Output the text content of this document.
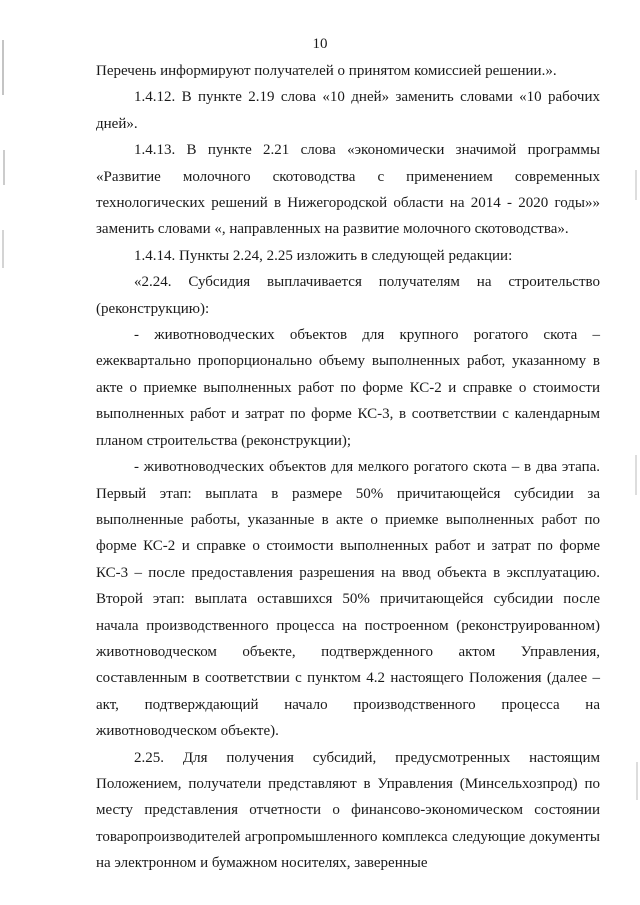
10

Перечень информируют получателей о принятом комиссией решении.».

1.4.12. В пункте 2.19 слова «10 дней» заменить словами «10 рабочих дней».

1.4.13. В пункте 2.21 слова «экономически значимой программы «Развитие молочного скотоводства с применением современных технологических решений в Нижегородской области на 2014 - 2020 годы»» заменить словами «, направленных на развитие молочного скотоводства».

1.4.14. Пункты 2.24, 2.25 изложить в следующей редакции:

«2.24. Субсидия выплачивается получателям на строительство (реконструкцию):

- животноводческих объектов для крупного рогатого скота – ежеквартально пропорционально объему выполненных работ, указанному в акте о приемке выполненных работ по форме КС-2 и справке о стоимости выполненных работ и затрат по форме КС-3, в соответствии с календарным планом строительства (реконструкции);

- животноводческих объектов для мелкого рогатого скота – в два этапа. Первый этап: выплата в размере 50% причитающейся субсидии за выполненные работы, указанные в акте о приемке выполненных работ по форме КС-2 и справке о стоимости выполненных работ и затрат по форме КС-3 – после предоставления разрешения на ввод объекта в эксплуатацию. Второй этап: выплата оставшихся 50% причитающейся субсидии после начала производственного процесса на построенном (реконструированном) животноводческом объекте, подтвержденного актом Управления, составленным в соответствии с пунктом 4.2 настоящего Положения (далее – акт, подтверждающий начало производственного процесса на животноводческом объекте).

2.25. Для получения субсидий, предусмотренных настоящим Положением, получатели представляют в Управления (Минсельхозпрод) по месту представления отчетности о финансово-экономическом состоянии товаропроизводителей агропромышленного комплекса следующие документы на электронном и бумажном носителях, заверенные
